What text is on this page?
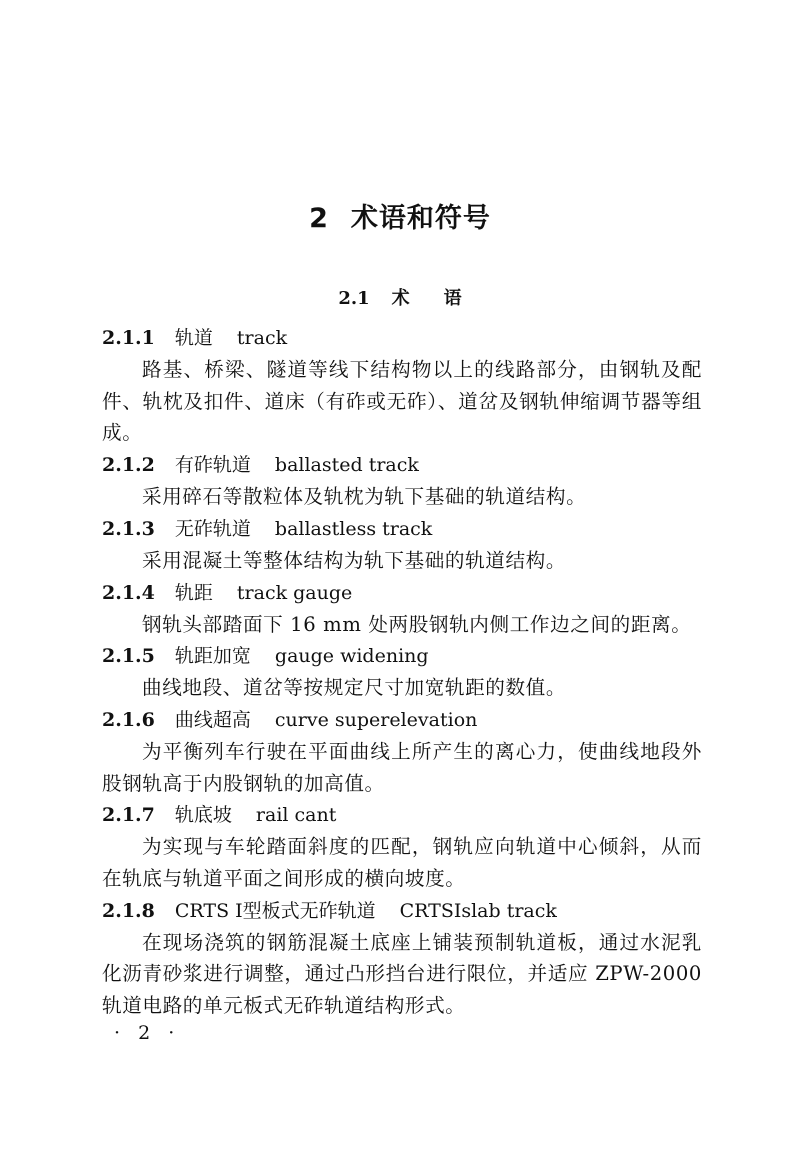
2 术语和符号
2.1 术 语
2.1.1 轨道 track

路基、桥梁、隧道等线下结构物以上的线路部分，由钢轨及配件、轨枕及扣件、道床（有砟或无砟）、道岔及钢轨伸缩调节器等组成。

2.1.2 有砟轨道 ballasted track

采用碎石等散粒体及轨枕为轨下基础的轨道结构。

2.1.3 无砟轨道 ballastless track

采用混凝土等整体结构为轨下基础的轨道结构。

2.1.4 轨距 track gauge

钢轨头部踏面下 16 mm 处两股钢轨内侧工作边之间的距离。

2.1.5 轨距加宽 gauge widening

曲线地段、道岔等按规定尺寸加宽轨距的数值。

2.1.6 曲线超高 curve superelevation

为平衡列车行驶在平面曲线上所产生的离心力，使曲线地段外股钢轨高于内股钢轨的加高值。

2.1.7 轨底坡 rail cant

为实现与车轮踏面斜度的匹配，钢轨应向轨道中心倾斜，从而在轨底与轨道平面之间形成的横向坡度。

2.1.8 CRTS Ⅰ型板式无砟轨道 CRTSⅠslab track

在现场浇筑的钢筋混凝土底座上铺装预制轨道板，通过水泥乳化沥青砂浆进行调整，通过凸形挡台进行限位，并适应 ZPW-2000 轨道电路的单元板式无砟轨道结构形式。

· 2 ·
